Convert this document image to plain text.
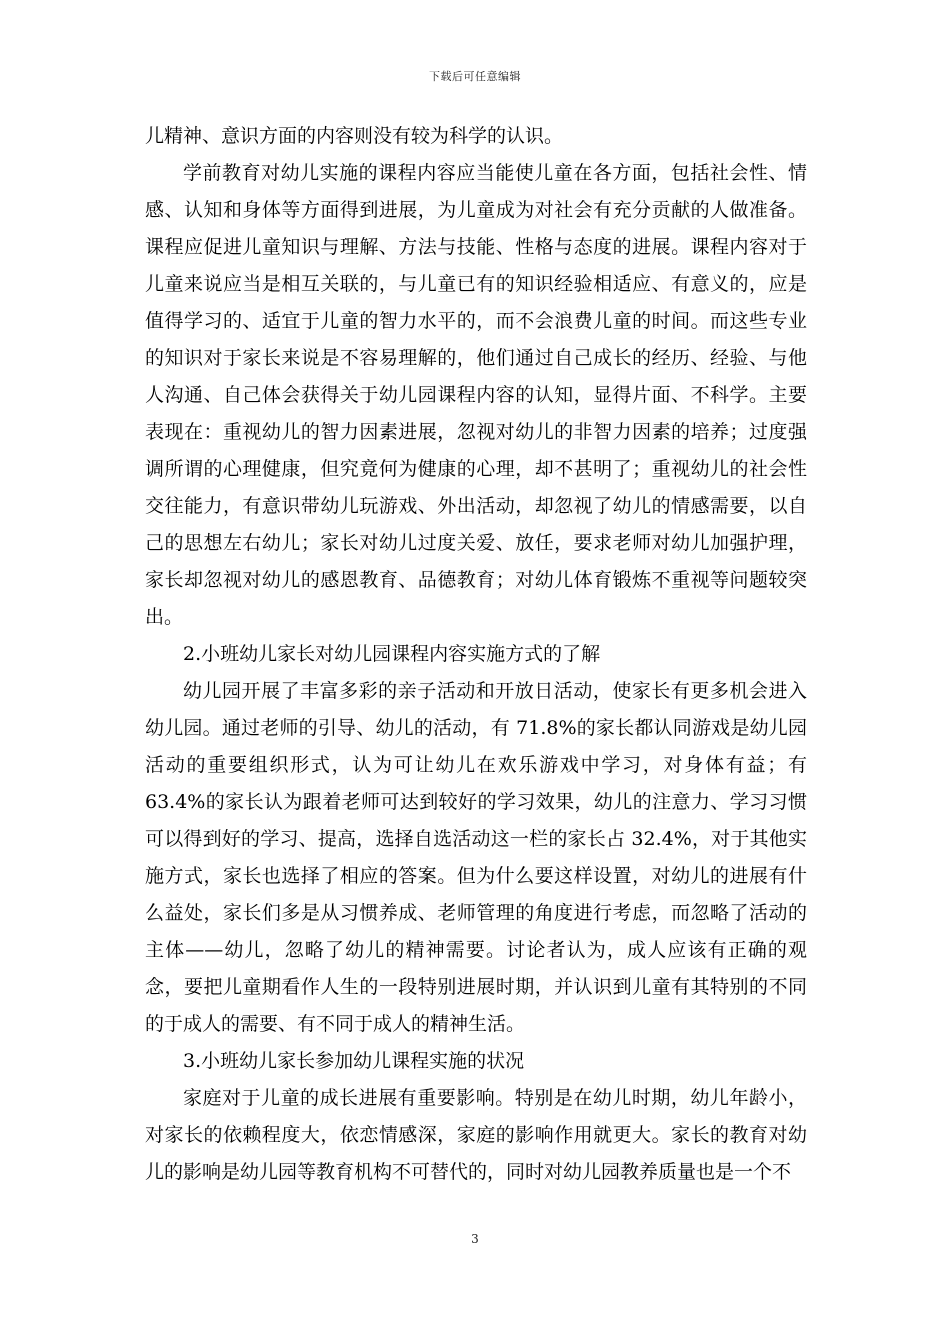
下载后可任意编辑

儿精神、意识方面的内容则没有较为科学的认识。

学前教育对幼儿实施的课程内容应当能使儿童在各方面，包括社会性、情感、认知和身体等方面得到进展，为儿童成为对社会有充分贡献的人做准备。课程应促进儿童知识与理解、方法与技能、性格与态度的进展。课程内容对于儿童来说应当是相互关联的，与儿童已有的知识经验相适应、有意义的，应是值得学习的、适宜于儿童的智力水平的，而不会浪费儿童的时间。而这些专业的知识对于家长来说是不容易理解的，他们通过自己成长的经历、经验、与他人沟通、自己体会获得关于幼儿园课程内容的认知，显得片面、不科学。主要表现在：重视幼儿的智力因素进展，忽视对幼儿的非智力因素的培养；过度强调所谓的心理健康，但究竟何为健康的心理，却不甚明了；重视幼儿的社会性交往能力，有意识带幼儿玩游戏、外出活动，却忽视了幼儿的情感需要，以自己的思想左右幼儿；家长对幼儿过度关爱、放任，要求老师对幼儿加强护理，家长却忽视对幼儿的感恩教育、品德教育；对幼儿体育锻炼不重视等问题较突出。

2.小班幼儿家长对幼儿园课程内容实施方式的了解

幼儿园开展了丰富多彩的亲子活动和开放日活动，使家长有更多机会进入幼儿园。通过老师的引导、幼儿的活动，有 71.8%的家长都认同游戏是幼儿园活动的重要组织形式，认为可让幼儿在欢乐游戏中学习，对身体有益；有63.4%的家长认为跟着老师可达到较好的学习效果，幼儿的注意力、学习习惯可以得到好的学习、提高，选择自选活动这一栏的家长占 32.4%，对于其他实施方式，家长也选择了相应的答案。但为什么要这样设置，对幼儿的进展有什么益处，家长们多是从习惯养成、老师管理的角度进行考虑，而忽略了活动的主体——幼儿，忽略了幼儿的精神需要。讨论者认为，成人应该有正确的观念，要把儿童期看作人生的一段特别进展时期，并认识到儿童有其特别的不同的于成人的需要、有不同于成人的精神生活。

3.小班幼儿家长参加幼儿课程实施的状况

家庭对于儿童的成长进展有重要影响。特别是在幼儿时期，幼儿年龄小，对家长的依赖程度大，依恋情感深，家庭的影响作用就更大。家长的教育对幼儿的影响是幼儿园等教育机构不可替代的，同时对幼儿园教养质量也是一个不

3
